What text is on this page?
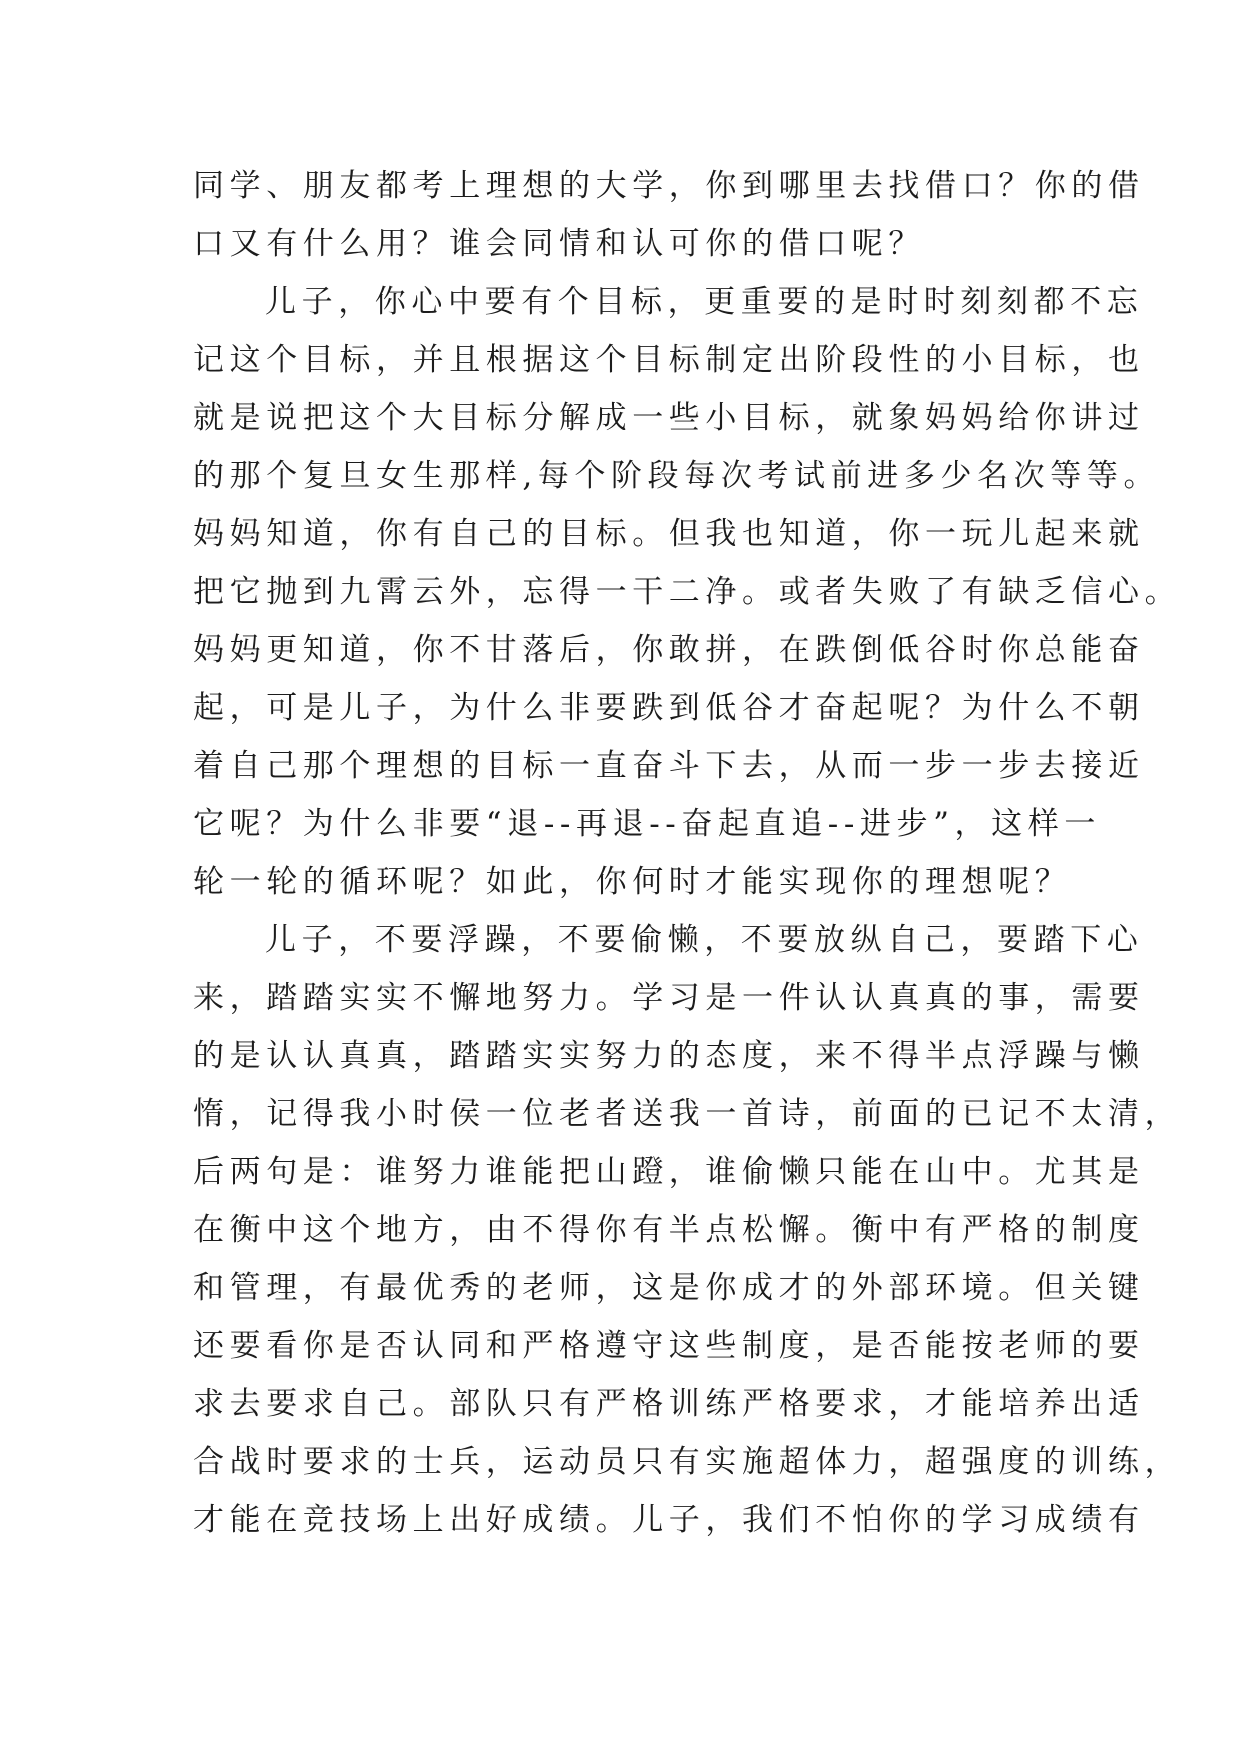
同学、朋友都考上理想的大学，你到哪里去找借口？你的借
口又有什么用？谁会同情和认可你的借口呢？
儿子，你心中要有个目标，更重要的是时时刻刻都不忘
记这个目标，并且根据这个目标制定出阶段性的小目标，也
就是说把这个大目标分解成一些小目标，就象妈妈给你讲过
的那个复旦女生那样,每个阶段每次考试前进多少名次等等。
妈妈知道，你有自己的目标。但我也知道，你一玩儿起来就
把它抛到九霄云外，忘得一干二净。或者失败了有缺乏信心。
妈妈更知道，你不甘落后，你敢拼，在跌倒低谷时你总能奋
起，可是儿子，为什么非要跌到低谷才奋起呢？为什么不朝
着自己那个理想的目标一直奋斗下去，从而一步一步去接近
它呢？为什么非要“退--再退--奋起直追--进步”，这样一
轮一轮的循环呢？如此，你何时才能实现你的理想呢？
儿子，不要浮躁，不要偷懒，不要放纵自己，要踏下心
来，踏踏实实不懈地努力。学习是一件认认真真的事，需要
的是认认真真，踏踏实实努力的态度，来不得半点浮躁与懒
惰，记得我小时侯一位老者送我一首诗，前面的已记不太清，
后两句是：谁努力谁能把山蹬，谁偷懒只能在山中。尤其是
在衡中这个地方，由不得你有半点松懈。衡中有严格的制度
和管理，有最优秀的老师，这是你成才的外部环境。但关键
还要看你是否认同和严格遵守这些制度，是否能按老师的要
求去要求自己。部队只有严格训练严格要求，才能培养出适
合战时要求的士兵，运动员只有实施超体力，超强度的训练，
才能在竞技场上出好成绩。儿子，我们不怕你的学习成绩有
